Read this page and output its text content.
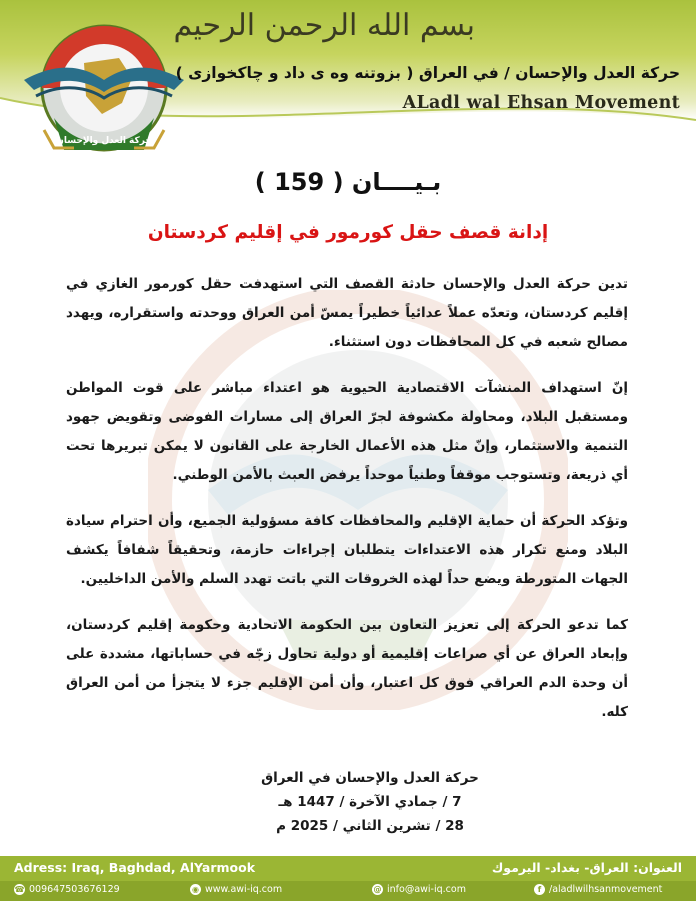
حركة العدل والإحسان
بسم الله الرحمن الرحيم
حركة العدل والإحسان / في العراق ( بزوتنه وه ى داد و چاكخوازى )
ALadl wal Ehsan Movement
بـيــــان ( 159 )
إدانة قصف حقل كورمور في إقليم كردستان

تدين حركة العدل والإحسان حادثة القصف التي استهدفت حقل كورمور الغازي في إقليم كردستان، وتعدّه عملاً عدائياً خطيراً يمسّ أمن العراق ووحدته واستقراره، ويهدد مصالح شعبه في كل المحافظات دون استثناء.

إنّ استهداف المنشآت الاقتصادية الحيوية هو اعتداء مباشر على قوت المواطن ومستقبل البلاد، ومحاولة مكشوفة لجرّ العراق إلى مسارات الفوضى وتقويض جهود التنمية والاستثمار، وإنّ مثل هذه الأعمال الخارجة على القانون لا يمكن تبريرها تحت أي ذريعة، وتستوجب موقفاً وطنياً موحداً يرفض العبث بالأمن الوطني.

وتؤكد الحركة أن حماية الإقليم والمحافظات كافة مسؤولية الجميع، وأن احترام سيادة البلاد ومنع تكرار هذه الاعتداءات يتطلبان إجراءات حازمة، وتحقيقاً شفافاً يكشف الجهات المتورطة ويضع حداً لهذه الخروقات التي باتت تهدد السلم والأمن الداخليين.

كما تدعو الحركة إلى تعزيز التعاون بين الحكومة الاتحادية وحكومة إقليم كردستان، وإبعاد العراق عن أي صراعات إقليمية أو دولية تحاول زجّه في حساباتها، مشددة على أن وحدة الدم العراقي فوق كل اعتبار، وأن أمن الإقليم جزء لا يتجزأ من أمن العراق كله.

حركة العدل والإحسان في العراق
7 / جمادي الآخرة / 1447 هـ
28 / تشرين الثاني / 2025 م
Adress: Iraq, Baghdad, AlYarmook	العنوان: العراق- بغداد- اليرموك
☎ 009647503676129	◉ www.awi-iq.com	@ info@awi-iq.com	f /aladlwilhsanmovement
